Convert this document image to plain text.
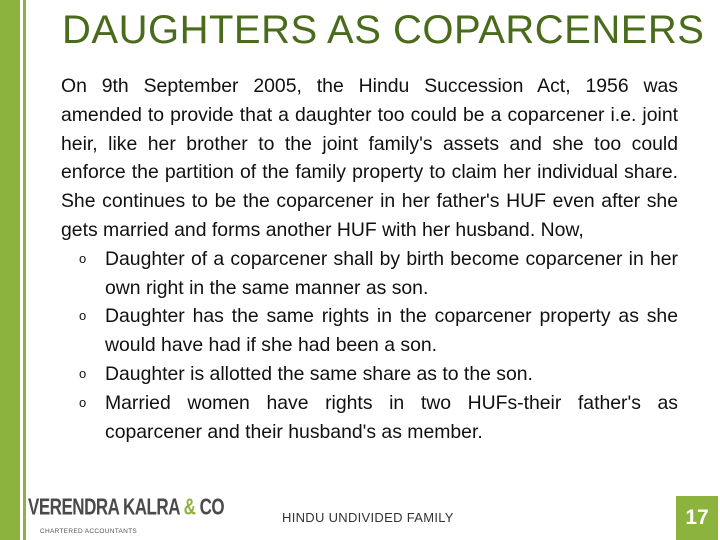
DAUGHTERS AS COPARCENERS
On 9th September 2005, the Hindu Succession Act, 1956 was amended to provide that a daughter too could be a coparcener i.e. joint heir, like her brother to the joint family's assets and she too could enforce the partition of the family property to claim her individual share. She continues to be the coparcener in her father's HUF even after she gets married and forms another HUF with her husband. Now,
o Daughter of a coparcener shall by birth become coparcener in her own right in the same manner as son.
o Daughter has the same rights in the coparcener property as she would have had if she had been a son.
o Daughter is allotted the same share as to the son.
o Married women have rights in two HUFs-their father's as coparcener and their husband's as member.
VERENDRA KALRA & CO
CHARTERED ACCOUNTANTS
HINDU UNDIVIDED FAMILY	17
